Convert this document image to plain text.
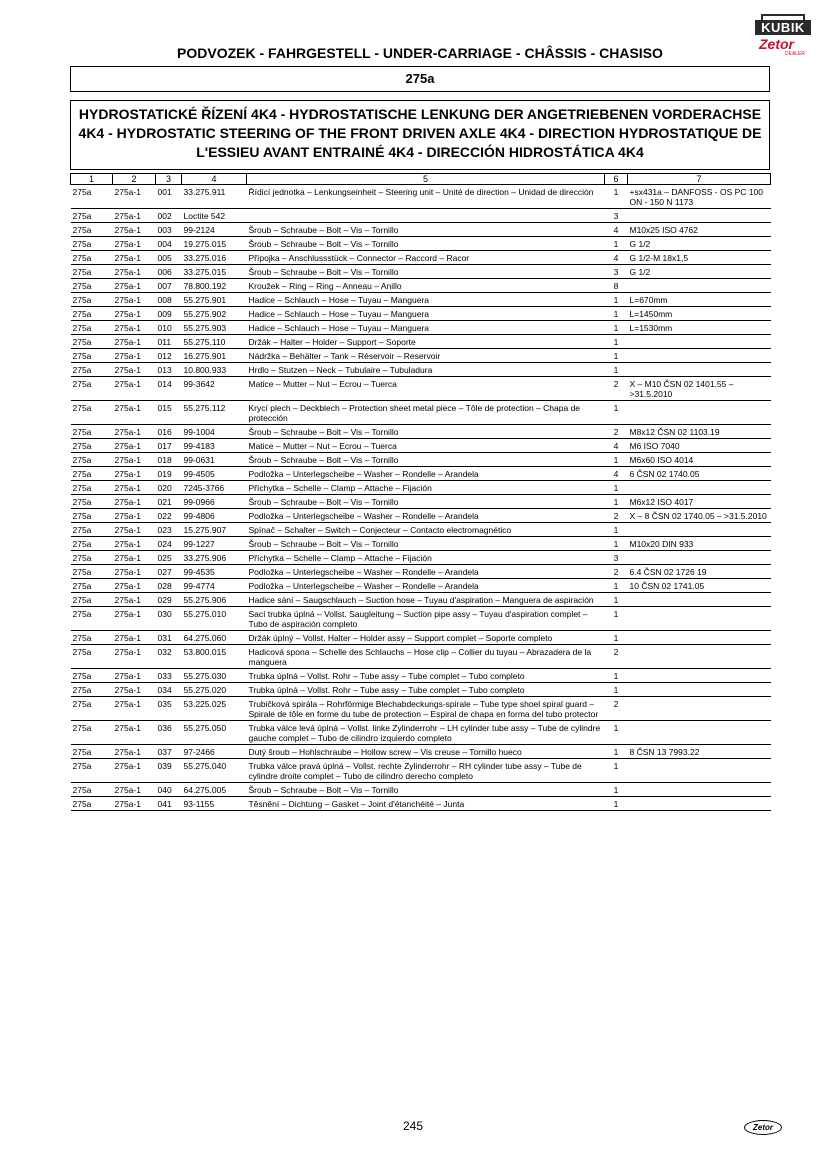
KUBIK
Zetor
DEALER
PODVOZEK - FAHRGESTELL - UNDER-CARRIAGE - CHÂSSIS - CHASISO
275a
HYDROSTATICKÉ ŘÍZENÍ 4K4 - HYDROSTATISCHE LENKUNG DER ANGETRIEBENEN VORDERACHSE
4K4 - HYDROSTATIC STEERING OF THE FRONT DRIVEN AXLE 4K4 - DIRECTION HYDROSTATIQUE DE
L'ESSIEU AVANT ENTRAINÉ 4K4 - DIRECCIÓN HIDROSTÁTICA 4K4
1	2	3	4	5	6	7
275a	275a-1	001	33.275.911	Řídicí jednotka – Lenkungseinheit – Steering unit – Unité de direction – Unidad de dirección	1	+sx431a – DANFOSS - OS PC 100 ON - 150 N 1173
275a	275a-1	002	Loctite 542		3	
275a	275a-1	003	99-2124	Šroub – Schraube – Bolt – Vis – Tornillo	4	M10x25 ISO 4762
275a	275a-1	004	19.275.015	Šroub – Schraube – Bolt – Vis – Tornillo	1	G 1/2
275a	275a-1	005	33.275.016	Přípojka – Anschlussstück – Connector – Raccord – Racor	4	G 1/2-M 18x1,5
275a	275a-1	006	33.275.015	Šroub – Schraube – Bolt – Vis – Tornillo	3	G 1/2
275a	275a-1	007	78.800.192	Kroužek – Ring – Ring – Anneau – Anillo	8	
275a	275a-1	008	55.275.901	Hadice – Schlauch – Hose – Tuyau – Manguera	1	L=670mm
275a	275a-1	009	55.275.902	Hadice – Schlauch – Hose – Tuyau – Manguera	1	L=1450mm
275a	275a-1	010	55.275.903	Hadice – Schlauch – Hose – Tuyau – Manguera	1	L=1530mm
275a	275a-1	011	55.275.110	Držák – Halter – Holder – Support – Soporte	1	
275a	275a-1	012	16.275.901	Nádržka – Behälter – Tank – Réservoir – Reservoir	1	
275a	275a-1	013	10.800.933	Hrdlo – Stutzen – Neck – Tubulaire – Tubuladura	1	
275a	275a-1	014	99-3642	Matice – Mutter – Nut – Ecrou – Tuerca	2	X – M10 ČSN 02 1401.55 – >31.5.2010
275a	275a-1	015	55.275.112	Krycí plech – Deckblech – Protection sheet metal piece – Tôle de protection – Chapa de protección	1	
275a	275a-1	016	99-1004	Šroub – Schraube – Bolt – Vis – Tornillo	2	M8x12 ČSN 02 1103.19
275a	275a-1	017	99-4183	Matice – Mutter – Nut – Ecrou – Tuerca	4	M6 ISO 7040
275a	275a-1	018	99-0631	Šroub – Schraube – Bolt – Vis – Tornillo	1	M6x60 ISO 4014
275a	275a-1	019	99-4505	Podložka – Unterlegscheibe – Washer – Rondelle – Arandela	4	6 ČSN 02 1740.05
275a	275a-1	020	7245-3766	Příchytka – Schelle – Clamp – Attache – Fijación	1	
275a	275a-1	021	99-0966	Šroub – Schraube – Bolt – Vis – Tornillo	1	M6x12 ISO 4017
275a	275a-1	022	99-4806	Podložka – Unterlegscheibe – Washer – Rondelle – Arandela	2	X – 8 ČSN 02 1740.05 – >31.5.2010
275a	275a-1	023	15.275.907	Spínač – Schalter – Switch – Conjecteur – Contacto electromagnético	1	
275a	275a-1	024	99-1227	Šroub – Schraube – Bolt – Vis – Tornillo	1	M10x20 DIN 933
275a	275a-1	025	33.275.906	Příchytka – Schelle – Clamp – Attache – Fijación	3	
275a	275a-1	027	99-4535	Podložka – Unterlegscheibe – Washer – Rondelle – Arandela	2	6.4 ČSN 02 1726 19
275a	275a-1	028	99-4774	Podložka – Unterlegscheibe – Washer – Rondelle – Arandela	1	10 ČSN 02 1741.05
275a	275a-1	029	55.275.906	Hadice sání – Saugschlauch – Suction hose – Tuyau d'aspiration – Manguera de aspiración	1	
275a	275a-1	030	55.275.010	Sací trubka úplná – Vollst. Saugleitung – Suction pipe assy – Tuyau d'aspiration complet – Tubo de aspiración completo	1	
275a	275a-1	031	64.275.060	Držák úplný – Vollst. Halter – Holder assy – Support complet – Soporte completo	1	
275a	275a-1	032	53.800.015	Hadicová spona – Schelle des Schlauchs – Hose clip – Collier du tuyau – Abrazadera de la manguera	2	
275a	275a-1	033	55.275.030	Trubka úplná – Vollst. Rohr – Tube assy – Tube complet – Tubo completo	1	
275a	275a-1	034	55.275.020	Trubka úplná – Vollst. Rohr – Tube assy – Tube complet – Tubo completo	1	
275a	275a-1	035	53.225.025	Trubičková spirála – Rohrförmige Blechabdeckungs-spirale – Tube type shoel spiral guard – Spirale de tôle en forme du tube de protection – Espiral de chapa en forma del tubo protector	2	
275a	275a-1	036	55.275.050	Trubka válce levá úplná – Vollst. linke Zylinderrohr – LH cylinder tube assy – Tube de cylindre gauche complet – Tubo de cilindro izquierdo completo	1	
275a	275a-1	037	97-2466	Dutý šroub – Hohlschraube – Hollow screw – Vis creuse – Tornillo hueco	1	8 ČSN 13 7993.22
275a	275a-1	039	55.275.040	Trubka válce pravá úplná – Vollst. rechte Zylinderrohr – RH cylinder tube assy – Tube de cylindre droite complet – Tubo de cilindro derecho completo	1	
275a	275a-1	040	64.275.005	Šroub – Schraube – Bolt – Vis – Tornillo	1	
275a	275a-1	041	93-1155	Těsnění – Dichtung – Gasket – Joint d'étanchéité – Junta	1	
245	Zetor
